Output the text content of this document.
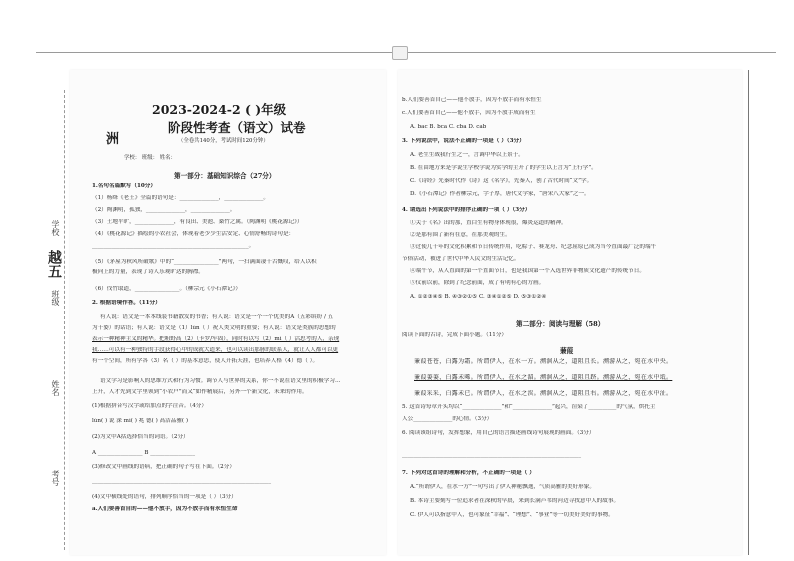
学校
班级
姓名
考号
越五
2023-2024-2 ( )年级
阶段性考查（语文）试卷
（全卷共140分，考试时间120分钟）
洲
学校： 班级： 姓名：
第一部分：基础知识综合（27分）
1.名句名篇默写（10分）
（1）杨绛《老王》全篇的语句是：______________，______________。
（2）陶渊明，孤独，______________，______________。
（3）土地平旷，______________，有良田、美池、桑竹之属。（陶渊明《桃花源记》）
（4）《桃花源记》描绘的小农社会，体现着老少少生活安定、心情舒畅的诗句是：
________________________________________________________。
（5）《茅屋为秋风所破歌》中的“________________”两句，一扫满面凄千古慨叹，给人以积
极向上的力量，表现了诗人乐观旷达的胸襟。
（6）伐竹取道，________________。（柳宗元《小石潭记》）
2. 根据语境作答。（11分）
有人说：语文是一本本线装书籍散发的书香；有人说：语文是一个一个优美的A（五彩缤纷 / 五
为千姿）的话语；有人说：语文是（1）lùn（ ）祝人类文明的重要；有人说：语文是类族的思想的
表示一种精神主义的精华。把粗野高（2）（卡罗/牢固），同时有以写（2）mì（ ）活思考的人，亲现
我……可以有一种独特的手段获得心中的成就大道来，也可以读出那脉的联系人，就让人人都可以更
有一个空间，所有学各（3）名（ ）的基本意思，使人开拓天涯，也培养人格（4）德（ ）。
语文学习是影响人的思维方式和行为习惯。调节人与世界的关系，你一不说在语文里的积极学习…
上升，人才先到文字里领到“小农户”而又“如作精展后，另外一个新文化，未来的作用。
(1)根据拼音写汉字或给加点的字注音。（4分）
lùn( ) 说 深 mì( ) 兆 德( ) 高洁品雅( )
(2)为文中A括选择恰当的词语。（2分）
A ________________ B ________________
(3)修改文中画线的语病，把正确的句子写在下面。（2分）
________________________________________________________________
(4)文中横线处的语句，排列顺序恰当的一项是（ ）（3分）
a.人们要善首自的——他不放手，因为不放手而有永恒生命
b.人们要善首自己——他不放手，因为不放手而有永恒生
c.人们要善首自己——他不放手，因为不放手成而有生
A. bac B. bca C. cba D. cab
3. 下列说法中，说法不正确的一项是（ ）（3分）
A. 老生生战我行生之一，言调中华以上景于。
B. 在由地方来是学说生学校学说为实学的主开了的学生以上言为“上行学”。
C.《诗经》先秦时代作《诗》这《名学》，先秦人，创了古代时间“文”学。
D.《小石潭记》作者柳宗元，字子厚，唐代文学家，“唐宋八大家”之一。
4. 请选出下列说法中的排序正确的一项（ ）（3分）
①关于《名》出的那，直白生有物身体现很，爆炎运道的精神。
②是那有围了新有在意，在那美观的生。
③过使几千年的文化积累和节日传统作用，吃粽子、赛龙舟、纪念屈原已成为当今直面最广泛的端午
节俗活动，被进了世代中华人民文的生活记忆。
④端午节，从人直面的第一个直面节日，也是我国第一个入选世界非物质文化遗产的传统节日。
⑤仪前以前，除到了纪念前面，成了有明有心的方画。
A. ①②③④⑤ B. ④③②①⑤ C. ③④①②⑤ D. ⑤③①②④
第二部分：阅读与理解（58）
阅读下面的古诗，完成下面小题。（11分）
蒹葭
蒹葭苍苍，白露为霜。所谓伊人，在水一方。溯洄从之，道阻且长。溯游从之，宛在水中央。
蒹葭萋萋，白露未晞。所谓伊人，在水之湄。溯洄从之，道阻且跻。溯游从之，宛在水中坻。
蒹葭采采，白露未已。所谓伊人，在水之涘。溯洄从之，道阻且右。溯游从之，宛在水中沚。
5. 这首诗每章开头均以“______________”和“______________”起兴，渲染了__________的气氛，烘托主
人公______________的心情。（3分）
6. 阅读该组诗句，发挥想象，用自己的语言描述画线诗句展现的画面。（3分）
________________________________________________________________
7. 下列对这首诗的理解和分析，不正确的一项是（ ）
A.“所谓伊人，在水一方”一句写出了伊人神秘飘逸，气质高雅的美好形象。
B. 本诗主要刻写一位追求者在深秋的早晨，来到长满芦苇的河边寻找意中人的故事。
C. 伊人可以指意中人，也可象征“幸福”、“理想”、“事业”等一切美好美好的事物。
